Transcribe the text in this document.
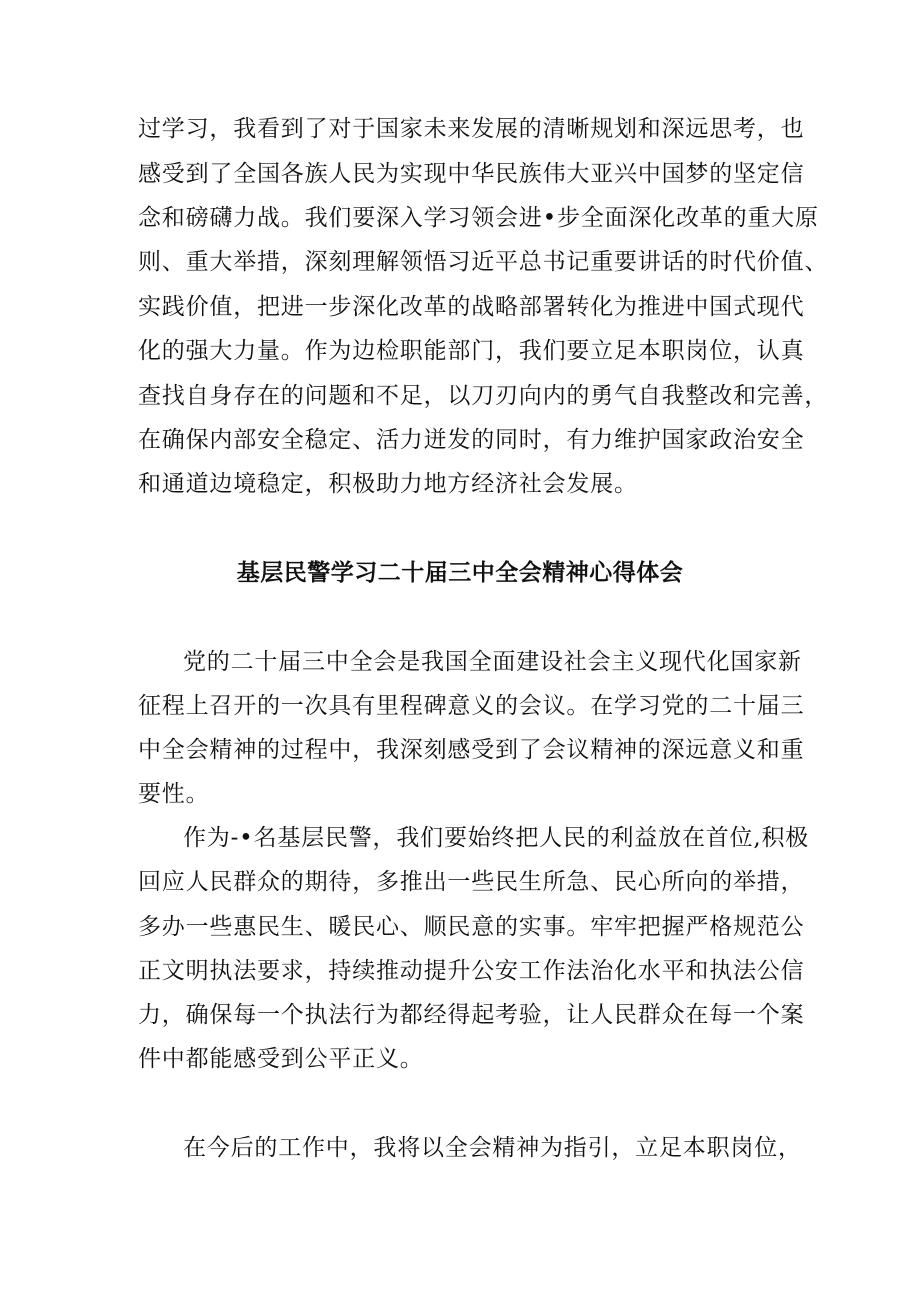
过学习，我看到了对于国家未来发展的清晰规划和深远思考，也
感受到了全国各族人民为实现中华民族伟大亚兴中国梦的坚定信
念和磅礴力战。我们要深入学习领会进•步全面深化改革的重大原
则、重大举措，深刻理解领悟习近平总书记重要讲话的时代价值、
实践价值，把进一步深化改革的战略部署转化为推进中国式现代
化的强大力量。作为边检职能部门，我们要立足本职岗位，认真
查找自身存在的问题和不足，以刀刃向内的勇气自我整改和完善，
在确保内部安全稳定、活力迸发的同时，有力维护国家政治安全
和通道边境稳定，积极助力地方经济社会发展。
基层民警学习二十届三中全会精神心得体会
党的二十届三中全会是我国全面建设社会主义现代化国家新
征程上召开的一次具有里程碑意义的会议。在学习党的二十届三
中全会精神的过程中，我深刻感受到了会议精神的深远意义和重
要性。
作为-•名基层民警，我们要始终把人民的利益放在首位,积极
回应人民群众的期待，多推出一些民生所急、民心所向的举措，
多办一些惠民生、暖民心、顺民意的实事。牢牢把握严格规范公
正文明执法要求，持续推动提升公安工作法治化水平和执法公信
力，确保每一个执法行为都经得起考验，让人民群众在每一个案
件中都能感受到公平正义。
在今后的工作中，我将以全会精神为指引，立足本职岗位，
